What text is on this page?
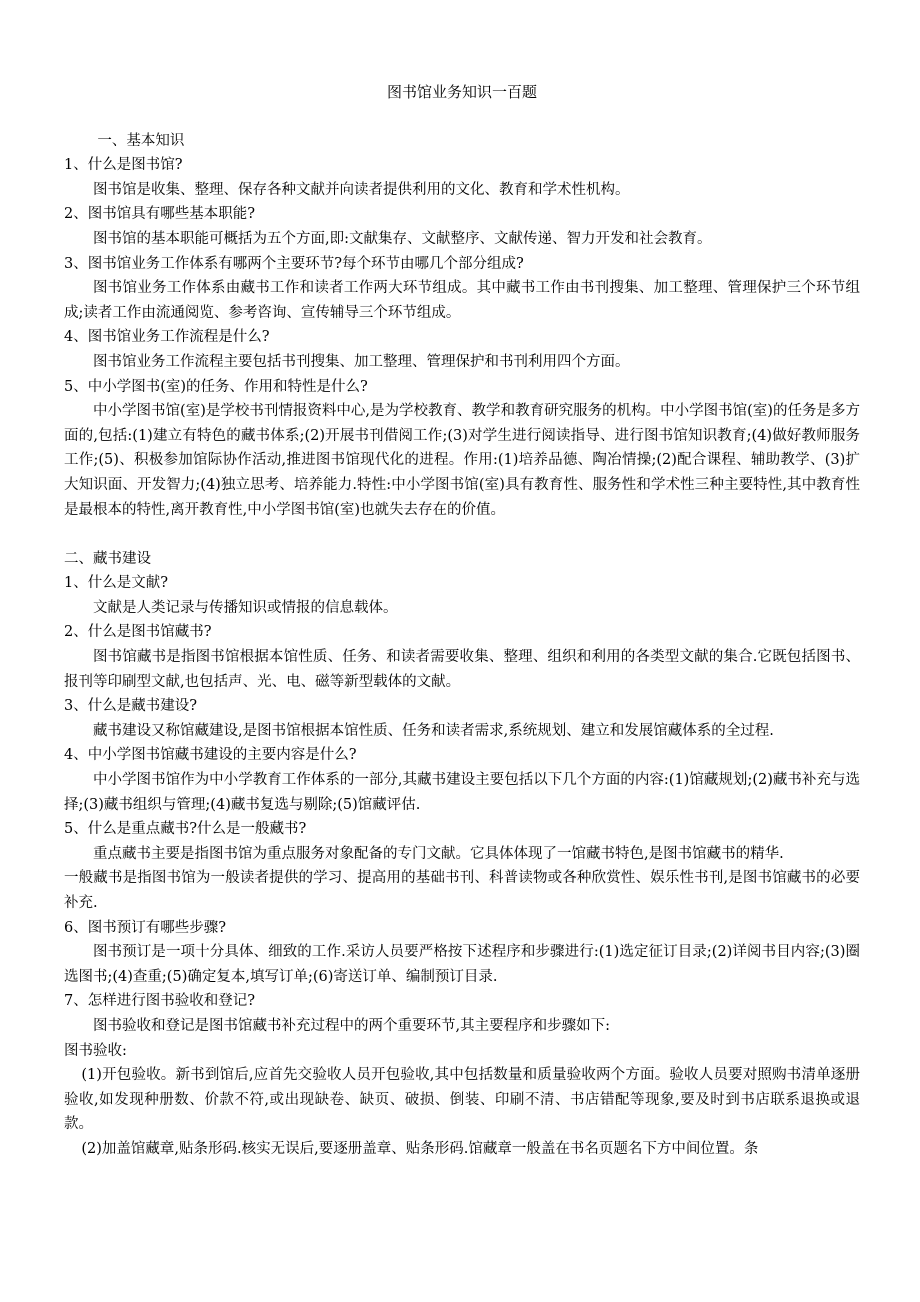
图书馆业务知识一百题

一、基本知识

1、什么是图书馆?

图书馆是收集、整理、保存各种文献并向读者提供利用的文化、教育和学术性机构。

2、图书馆具有哪些基本职能?

图书馆的基本职能可概括为五个方面,即:文献集存、文献整序、文献传递、智力开发和社会教育。

3、图书馆业务工作体系有哪两个主要环节?每个环节由哪几个部分组成?

图书馆业务工作体系由藏书工作和读者工作两大环节组成。其中藏书工作由书刊搜集、加工整理、管理保护三个环节组成;读者工作由流通阅览、参考咨询、宣传辅导三个环节组成。

4、图书馆业务工作流程是什么?

图书馆业务工作流程主要包括书刊搜集、加工整理、管理保护和书刊利用四个方面。

5、中小学图书(室)的任务、作用和特性是什么?

中小学图书馆(室)是学校书刊情报资料中心,是为学校教育、教学和教育研究服务的机构。中小学图书馆(室)的任务是多方面的,包括:(1)建立有特色的藏书体系;(2)开展书刊借阅工作;(3)对学生进行阅读指导、进行图书馆知识教育;(4)做好教师服务工作;(5)、积极参加馆际协作活动,推进图书馆现代化的进程。作用:(1)培养品德、陶冶情操;(2)配合课程、辅助教学、(3)扩大知识面、开发智力;(4)独立思考、培养能力.特性:中小学图书馆(室)具有教育性、服务性和学术性三种主要特性,其中教育性是最根本的特性,离开教育性,中小学图书馆(室)也就失去存在的价值。

二、藏书建设

1、什么是文献?

文献是人类记录与传播知识或情报的信息载体。

2、什么是图书馆藏书?

图书馆藏书是指图书馆根据本馆性质、任务、和读者需要收集、整理、组织和利用的各类型文献的集合.它既包括图书、报刊等印刷型文献,也包括声、光、电、磁等新型载体的文献。

3、什么是藏书建设?

藏书建设又称馆藏建设,是图书馆根据本馆性质、任务和读者需求,系统规划、建立和发展馆藏体系的全过程.

4、中小学图书馆藏书建设的主要内容是什么?

中小学图书馆作为中小学教育工作体系的一部分,其藏书建设主要包括以下几个方面的内容:(1)馆藏规划;(2)藏书补充与选择;(3)藏书组织与管理;(4)藏书复选与剔除;(5)馆藏评估.

5、什么是重点藏书?什么是一般藏书?

重点藏书主要是指图书馆为重点服务对象配备的专门文献。它具体体现了一馆藏书特色,是图书馆藏书的精华.

一般藏书是指图书馆为一般读者提供的学习、提高用的基础书刊、科普读物或各种欣赏性、娱乐性书刊,是图书馆藏书的必要补充.

6、图书预订有哪些步骤?

图书预订是一项十分具体、细致的工作.采访人员要严格按下述程序和步骤进行:(1)选定征订目录;(2)详阅书目内容;(3)圈选图书;(4)查重;(5)确定复本,填写订单;(6)寄送订单、编制预订目录.

7、怎样进行图书验收和登记?

图书验收和登记是图书馆藏书补充过程中的两个重要环节,其主要程序和步骤如下:

图书验收:

(1)开包验收。新书到馆后,应首先交验收人员开包验收,其中包括数量和质量验收两个方面。验收人员要对照购书清单逐册验收,如发现种册数、价款不符,或出现缺卷、缺页、破损、倒装、印刷不清、书店错配等现象,要及时到书店联系退换或退款。

(2)加盖馆藏章,贴条形码.核实无误后,要逐册盖章、贴条形码.馆藏章一般盖在书名页题名下方中间位置。条
